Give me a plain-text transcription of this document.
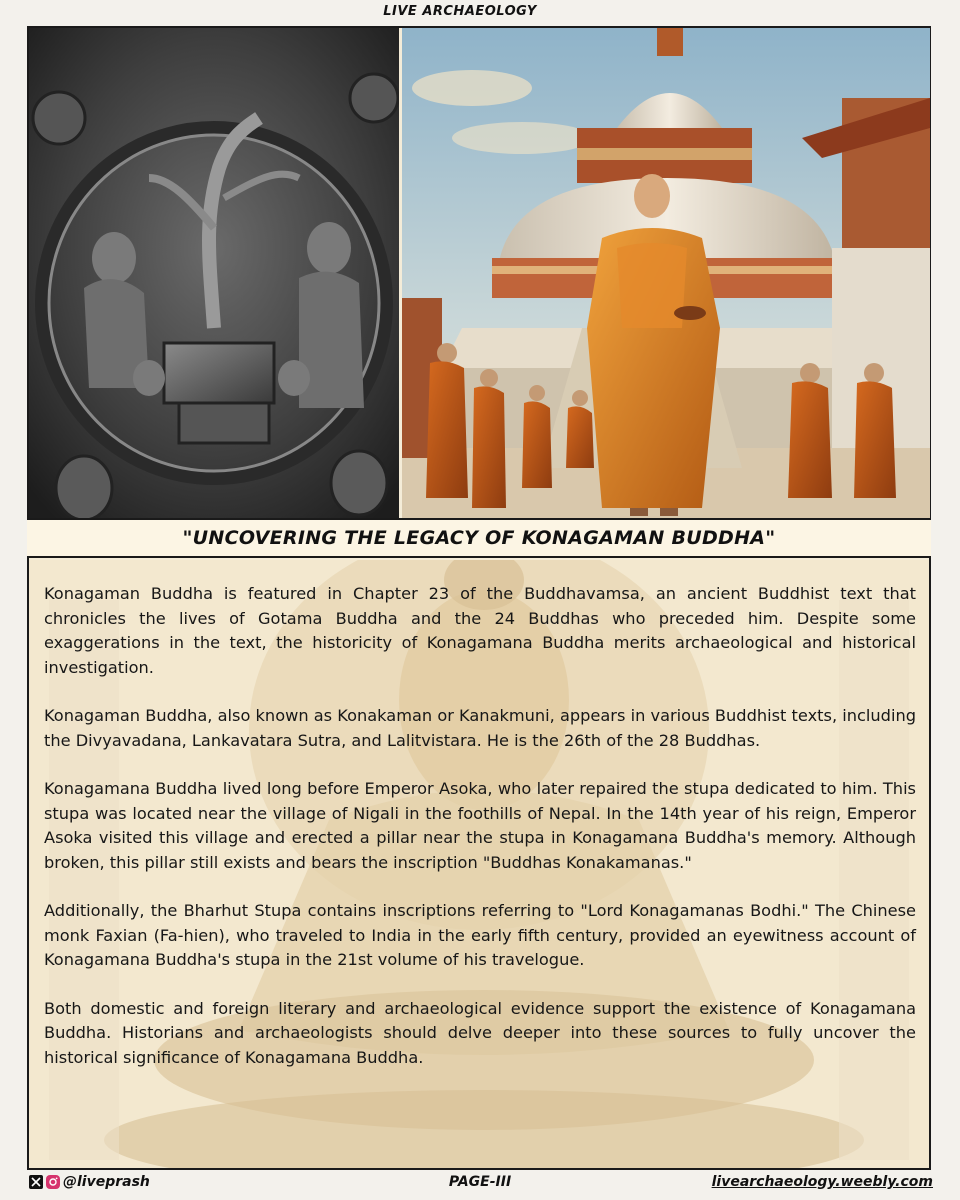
LIVE ARCHAEOLOGY
"UNCOVERING THE LEGACY OF KONAGAMAN BUDDHA"

Konagaman Buddha is featured in Chapter 23 of the Buddhavamsa, an ancient Buddhist text that chronicles the lives of Gotama Buddha and the 24 Buddhas who preceded him. Despite some exaggerations in the text, the historicity of Konagamana Buddha merits archaeological and historical investigation.

Konagaman Buddha, also known as Konakaman or Kanakmuni, appears in various Buddhist texts, including the Divyavadana, Lankavatara Sutra, and Lalitvistara. He is the 26th of the 28 Buddhas.

Konagamana Buddha lived long before Emperor Asoka, who later repaired the stupa dedicated to him. This stupa was located near the village of Nigali in the foothills of Nepal. In the 14th year of his reign, Emperor Asoka visited this village and erected a pillar near the stupa in Konagamana Buddha's memory. Although broken, this pillar still exists and bears the inscription "Buddhas Konakamanas."

Additionally, the Bharhut Stupa contains inscriptions referring to "Lord Konagamanas Bodhi." The Chinese monk Faxian (Fa-hien), who traveled to India in the early fifth century, provided an eyewitness account of Konagamana Buddha's stupa in the 21st volume of his travelogue.

Both domestic and foreign literary and archaeological evidence support the existence of Konagamana Buddha. Historians and archaeologists should delve deeper into these sources to fully uncover the historical significance of Konagamana Buddha.

@liveprash	PAGE-III	livearchaeology.weebly.com
